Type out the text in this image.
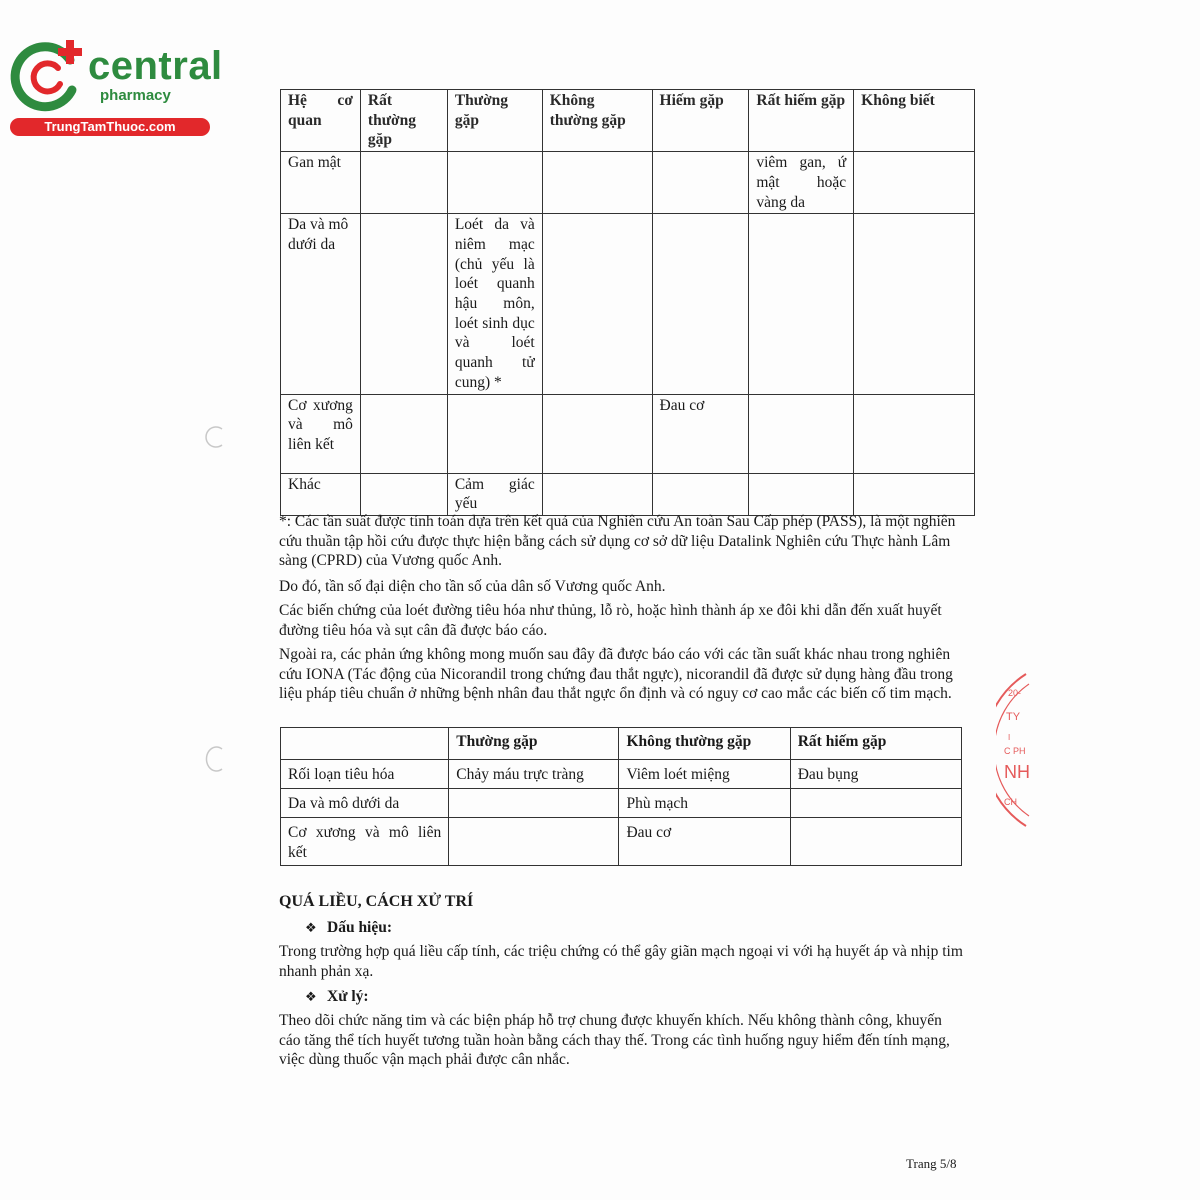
central
pharmacy
TrungTamThuoc.com
Hệ cơ quan	Rất thường gặp	Thường gặp	Không thường gặp	Hiếm gặp	Rất hiếm gặp	Không biết
Gan mật					viêm gan, ứ mật hoặc vàng da	
Da và mô dưới da		Loét da và niêm mạc (chủ yếu là loét quanh hậu môn, loét sinh dục và loét quanh tử cung) *				
Cơ xương và mô liên kết				Đau cơ		
Khác		Cảm giác yếu				

*: Các tần suất được tính toán dựa trên kết quả của Nghiên cứu An toàn Sau Cấp phép (PASS), là một nghiên cứu thuần tập hồi cứu được thực hiện bằng cách sử dụng cơ sở dữ liệu Datalink Nghiên cứu Thực hành Lâm sàng (CPRD) của Vương quốc Anh.

Do đó, tần số đại diện cho tần số của dân số Vương quốc Anh.

Các biến chứng của loét đường tiêu hóa như thủng, lỗ rò, hoặc hình thành áp xe đôi khi dẫn đến xuất huyết đường tiêu hóa và sụt cân đã được báo cáo.

Ngoài ra, các phản ứng không mong muốn sau đây đã được báo cáo với các tần suất khác nhau trong nghiên cứu IONA (Tác động của Nicorandil trong chứng đau thắt ngực), nicorandil đã được sử dụng hàng đầu trong liệu pháp tiêu chuẩn ở những bệnh nhân đau thắt ngực ổn định và có nguy cơ cao mắc các biến cố tim mạch.

	Thường gặp	Không thường gặp	Rất hiếm gặp
Rối loạn tiêu hóa	Chảy máu trực tràng	Viêm loét miệng	Đau bụng
Da và mô dưới da		Phù mạch	
Cơ xương và mô liên kết		Đau cơ	
QUÁ LIỀU, CÁCH XỬ TRÍ
❖ Dấu hiệu:

Trong trường hợp quá liều cấp tính, các triệu chứng có thể gây giãn mạch ngoại vi với hạ huyết áp và nhịp tim nhanh phản xạ.

❖ Xử lý:

Theo dõi chức năng tim và các biện pháp hỗ trợ chung được khuyến khích. Nếu không thành công, khuyến cáo tăng thể tích huyết tương tuần hoàn bằng cách thay thế. Trong các tình huống nguy hiểm đến tính mạng, việc dùng thuốc vận mạch phải được cân nhắc.

Trang 5/8
20-
TY
I
C PH
NH
CH
